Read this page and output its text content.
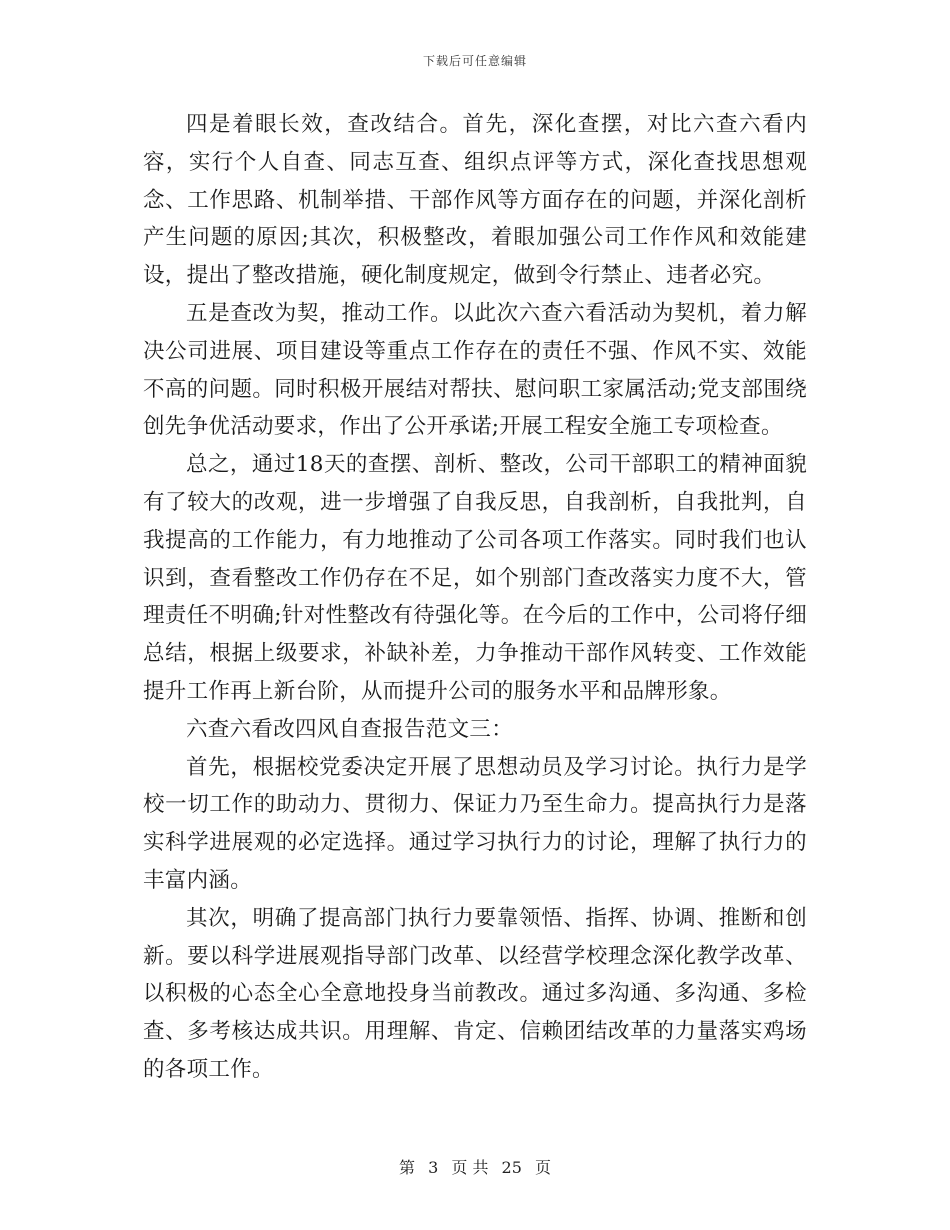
下载后可任意编辑

四是着眼长效，查改结合。首先，深化查摆，对比六查六看内容，实行个人自查、同志互查、组织点评等方式，深化查找思想观念、工作思路、机制举措、干部作风等方面存在的问题，并深化剖析产生问题的原因;其次，积极整改，着眼加强公司工作作风和效能建设，提出了整改措施，硬化制度规定，做到令行禁止、违者必究。

五是查改为契，推动工作。以此次六查六看活动为契机，着力解决公司进展、项目建设等重点工作存在的责任不强、作风不实、效能不高的问题。同时积极开展结对帮扶、慰问职工家属活动;党支部围绕创先争优活动要求，作出了公开承诺;开展工程安全施工专项检查。

总之，通过18天的查摆、剖析、整改，公司干部职工的精神面貌有了较大的改观，进一步增强了自我反思，自我剖析，自我批判，自我提高的工作能力，有力地推动了公司各项工作落实。同时我们也认识到，查看整改工作仍存在不足，如个别部门查改落实力度不大，管理责任不明确;针对性整改有待强化等。在今后的工作中，公司将仔细总结，根据上级要求，补缺补差，力争推动干部作风转变、工作效能提升工作再上新台阶，从而提升公司的服务水平和品牌形象。

六查六看改四风自查报告范文三：

首先，根据校党委决定开展了思想动员及学习讨论。执行力是学校一切工作的助动力、贯彻力、保证力乃至生命力。提高执行力是落实科学进展观的必定选择。通过学习执行力的讨论，理解了执行力的丰富内涵。

其次，明确了提高部门执行力要靠领悟、指挥、协调、推断和创新。要以科学进展观指导部门改革、以经营学校理念深化教学改革、以积极的心态全心全意地投身当前教改。通过多沟通、多沟通、多检查、多考核达成共识。用理解、肯定、信赖团结改革的力量落实鸡场的各项工作。

第 3 页 共 25 页
